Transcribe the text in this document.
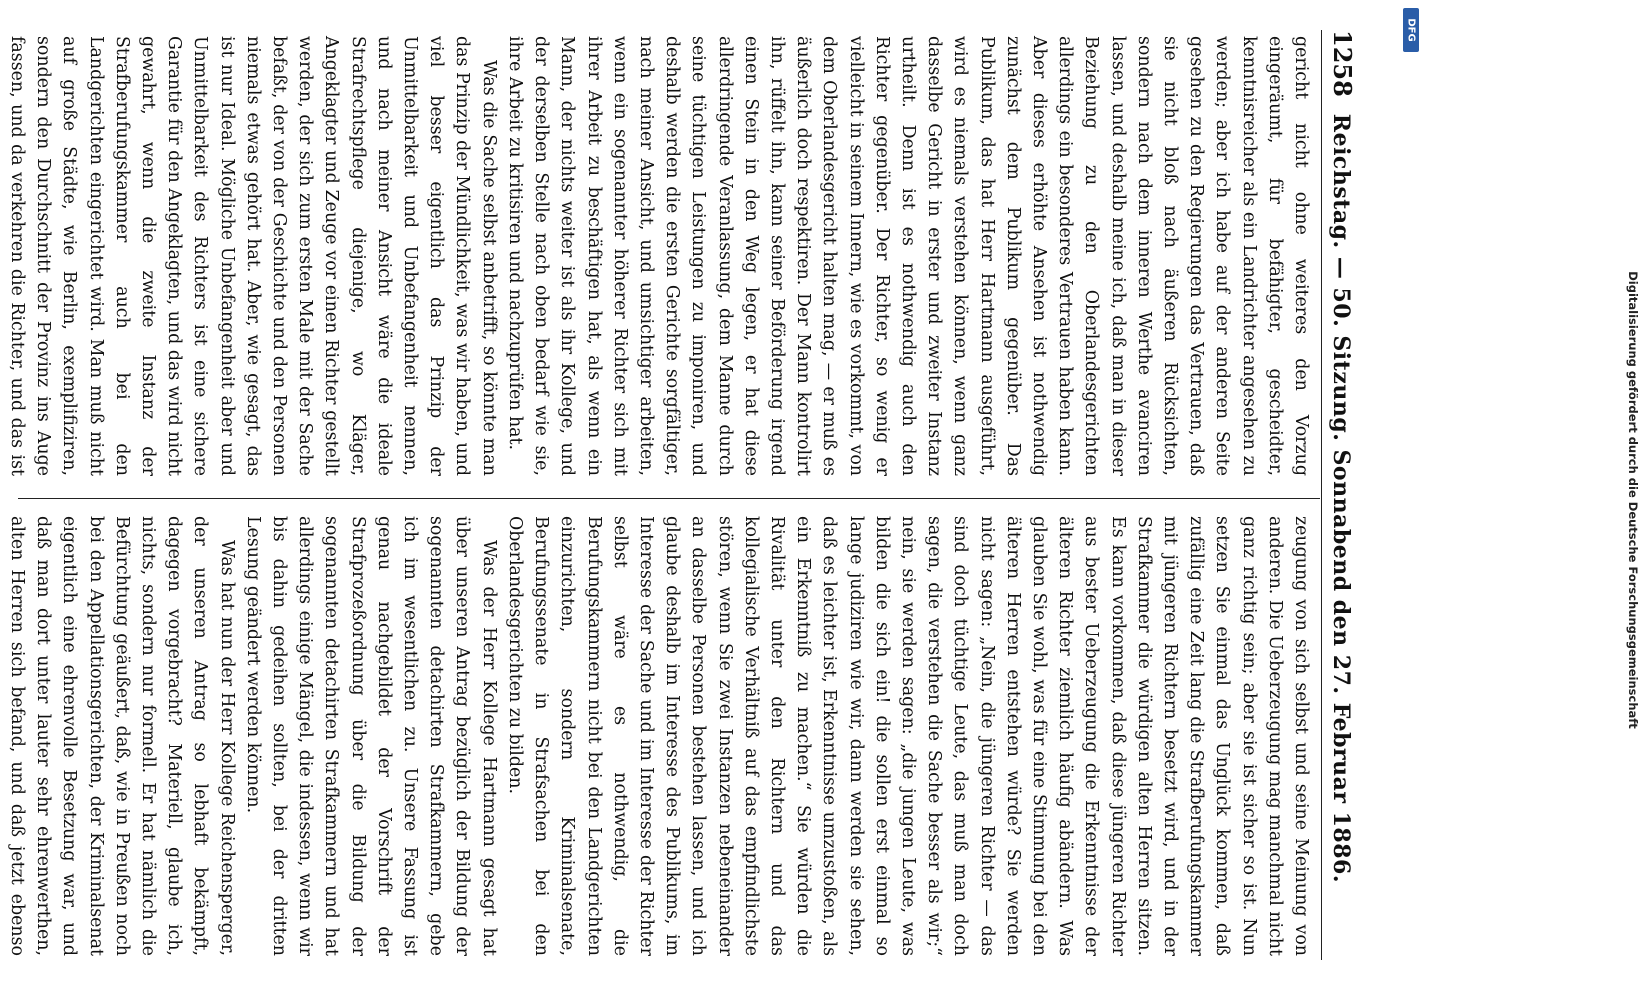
1258
Reichstag. — 50. Sitzung. Sonnabend den 27. Februar 1886.

gericht nicht ohne weiteres den Vorzug eingeräumt, für befähigter, gescheidter, kenntnisreicher als ein Landrichter angesehen zu werden; aber ich habe auf der anderen Seite gesehen zu den Regierungen das Vertrauen, daß sie nicht bloß nach äußeren Rücksichten, sondern nach dem inneren Werthe avanciren lassen, und deshalb meine ich, daß man in dieser Beziehung zu den Oberlandesgerichten allerdings ein besonderes Vertrauen haben kann. Aber dieses erhöhte Ansehen ist nothwendig zunächst dem Publikum gegenüber. Das Publikum, das hat Herr Hartmann ausgeführt, wird es niemals verstehen können, wenn ganz dasselbe Gericht in erster und zweiter Instanz urtheilt. Denn ist es nothwendig auch den Richter gegenüber. Der Richter, so wenig er vielleicht in seinem Innern, wie es vorkommt, von dem Oberlandesgericht halten mag, — er muß es äußerlich doch respektiren. Der Mann kontrolirt ihn, rüffelt ihn, kann seiner Beförderung irgend einen Stein in den Weg legen, er hat diese allerdringende Veranlassung, dem Manne durch seine tüchtigen Leistungen zu imponiren, und deshalb werden die ersten Gerichte sorgfältiger, nach meiner Ansicht, und umsichtiger arbeiten, wenn ein sogenannter höherer Richter sich mit ihrer Arbeit zu beschäftigen hat, als wenn ein Mann, der nichts weiter ist als ihr Kollege, und der derselben Stelle nach oben bedarf wie sie, ihre Arbeit zu kritisiren und nachzuprüfen hat.

Was die Sache selbst anbetrifft, so könnte man das Prinzip der Mündlichkeit, was wir haben, und viel besser eigentlich das Prinzip der Unmittelbarkeit und Unbefangenheit nennen, und nach meiner Ansicht wäre die ideale Strafrechtspflege diejenige, wo Kläger, Angeklagter und Zeuge vor einen Richter gestellt werden, der sich zum ersten Male mit der Sache befaßt, der von der Geschichte und den Personen niemals etwas gehört hat. Aber, wie gesagt, das ist nur Ideal. Mögliche Unbefangenheit aber und Unmittelbarkeit des Richters ist eine sichere Garantie für den Angeklagten, und das wird nicht gewahrt, wenn die zweite Instanz der Strafberufungskammer auch bei den Landgerichten eingerichtet wird. Man muß nicht auf große Städte, wie Berlin, exemplifiziren, sondern den Durchschnitt der Provinz ins Auge fassen, und da verkehren die Richter, und das ist

zeugung von sich selbst und seine Meinung von anderen. Die Ueberzeugung mag manchmal nicht ganz richtig sein; aber sie ist sicher so ist. Nun setzen Sie einmal das Unglück kommen, daß zufällig eine Zeit lang die Strafberufungskammer mit jüngeren Richtern besetzt wird, und in der Strafkammer die würdigen alten Herren sitzen. Es kann vorkommen, daß diese jüngeren Richter aus bester Ueberzeugung die Erkenntnisse der älteren Richter ziemlich häufig abändern. Was glauben Sie wohl, was für eine Stimmung bei den älteren Herren entstehen würde? Sie werden nicht sagen: „Nein, die jüngeren Richter — das sind doch tüchtige Leute, das muß man doch sagen, die verstehen die Sache besser als wir;“ nein, sie werden sagen: „die jungen Leute, was bilden die sich ein! die sollen erst einmal so lange judiziren wie wir, dann werden sie sehen, daß es leichter ist, Erkenntnisse umzustoßen, als ein Erkenntniß zu machen.“ Sie würden die Rivalität unter den Richtern und das kollegialische Verhältniß auf das empfindlichste stören, wenn Sie zwei Instanzen nebeneinander an dasselbe Personen bestehen lassen, und ich glaube deshalb im Interesse des Publikums, im Interesse der Sache und im Interesse der Richter selbst wäre es nothwendig, die Berufungskammern nicht bei den Landgerichten einzurichten, sondern Kriminalsenate, Berufungssenate in Strafsachen bei den Oberlandesgerichten zu bilden.

Was der Herr Kollege Hartmann gesagt hat über unseren Antrag bezüglich der Bildung der sogenannten detachirten Strafkammern, gebe ich im wesentlichen zu. Unsere Fassung ist genau nachgebildet der Vorschrift der Strafprozeßordnung über die Bildung der sogenannten detachirten Strafkammern und hat allerdings einige Mängel, die indessen, wenn wir bis dahin gedeihen sollten, bei der dritten Lesung geändert werden können.

Was hat nun der Herr Kollege Reichensperger, der unseren Antrag so lebhaft bekämpft, dagegen vorgebracht? Materiell, glaube ich, nichts, sondern nur formell. Er hat nämlich die Befürchtung geäußert, daß, wie in Preußen noch bei den Appellationsgerichten, der Kriminalsenat eigentlich eine ehrenvolle Besetzung war, und daß man dort unter lauter sehr ehrenwerthen, alten Herren sich befand, und daß jetzt ebenso

DFG
Digitalisierung gefördert durch die Deutsche Forschungsgemeinschaft
